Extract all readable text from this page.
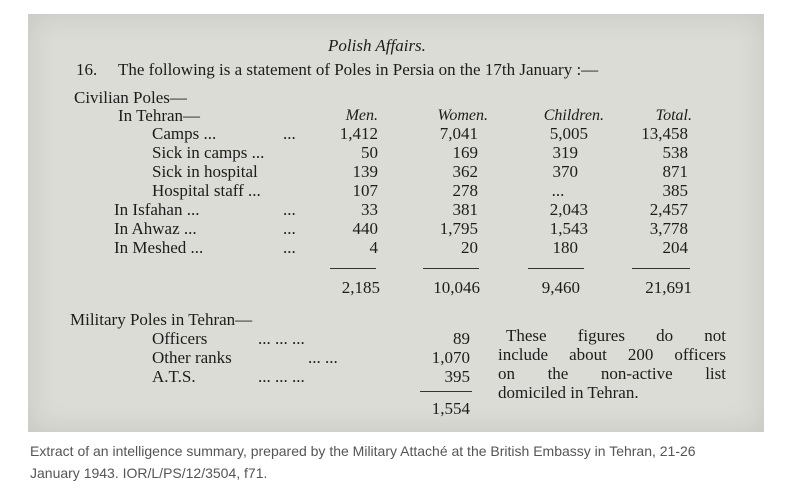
Polish Affairs.
16. The following is a statement of Poles in Persia on the 17th January :—
Civilian Poles—
In Tehran—	Men.	Women.	Children.	Total.
Camps ...	...	1,412	7,041	5,005	13,458
Sick in camps ...	50	169	319	538
Sick in hospital	139	362	370	871
Hospital staff ...	107	278	...	385
In Isfahan ...	...	33	381	2,043	2,457
In Ahwaz ...	...	440	1,795	1,543	3,778
In Meshed ...	...	4	20	180	204
2,185	10,046	9,460	21,691
Military Poles in Tehran—
Officers	... ... ...	89
Other ranks	... ...	1,070
A.T.S.	... ... ...	395
1,554
These figures do not
include about 200 officers
on the non-active list
domiciled in Tehran.
Extract of an intelligence summary, prepared by the Military Attaché at the British Embassy in Tehran, 21-26
January 1943. IOR/L/PS/12/3504, f71.
